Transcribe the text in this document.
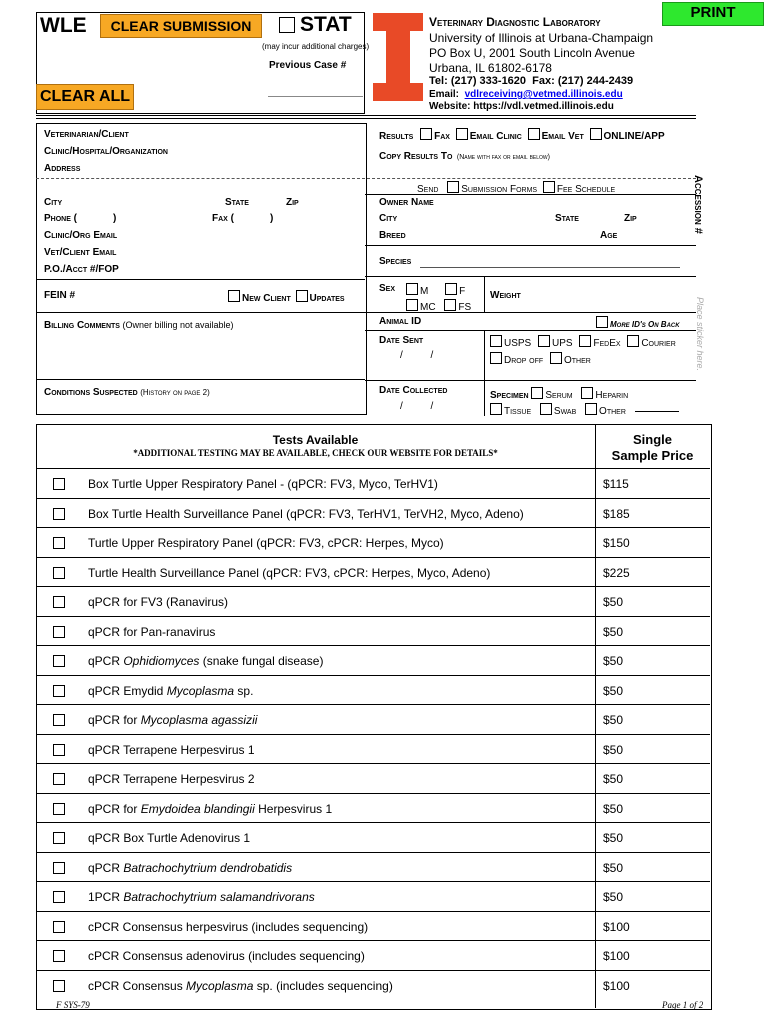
WLE	CLEAR SUBMISSION	STAT
(may incur additional charges)
Previous Case #
CLEAR ALL
PRINT
Veterinary Diagnostic Laboratory
University of Illinois at Urbana-Champaign
PO Box U, 2001 South Lincoln Avenue
Urbana, IL 61802-6178
Tel: (217) 333-1620 Fax: (217) 244-2439
Email: vdlreceiving@vetmed.illinois.edu
Website: https://vdl.vetmed.illinois.edu
Veterinarian/Client
Clinic/Hospital/Organization
Address
City	State	Zip
Phone (	)	Fax (	)
Clinic/Org Email
Vet/Client Email
P.O./Acct #/FOP
FEIN #	New Client Updates
Billing Comments (Owner billing not available)
Conditions Suspected (History on page 2)
Results Fax Email Clinic Email Vet ONLINE/APP
Copy Results To (Name with fax or email below)
Send Submission Forms Fee Schedule
Owner Name
City	State	Zip
Breed	Age
Species
Sex	M	F
MC FS
Weight
Animal ID	More ID's On Back
Date Sent
/          /
USPS UPS FedEx Courier
Drop off Other
Date Collected
/          /
Specimen Serum Heparin
Tissue Swab Other
Accession #
Place sticker here.
Tests Available
*ADDITIONAL TESTING MAY BE AVAILABLE, CHECK OUR WEBSITE FOR DETAILS*
Single
Sample Price
Box Turtle Upper Respiratory Panel - (qPCR: FV3, Myco, TerHV1)	$115
Box Turtle Health Surveillance Panel (qPCR: FV3, TerHV1, TerVH2, Myco, Adeno)	$185
Turtle Upper Respiratory Panel (qPCR: FV3, cPCR: Herpes, Myco)	$150
Turtle Health Surveillance Panel (qPCR: FV3, cPCR: Herpes, Myco, Adeno)	$225
qPCR for FV3 (Ranavirus)	$50
qPCR for Pan-ranavirus	$50
qPCR Ophidiomyces (snake fungal disease)	$50
qPCR Emydid Mycoplasma sp.	$50
qPCR for Mycoplasma agassizii	$50
qPCR Terrapene Herpesvirus 1	$50
qPCR Terrapene Herpesvirus 2	$50
qPCR for Emydoidea blandingii Herpesvirus 1	$50
qPCR Box Turtle Adenovirus 1	$50
qPCR Batrachochytrium dendrobatidis	$50
1PCR Batrachochytrium salamandrivorans	$50
cPCR Consensus herpesvirus (includes sequencing)	$100
cPCR Consensus adenovirus (includes sequencing)	$100
cPCR Consensus Mycoplasma sp. (includes sequencing)	$100
F SYS-79	Page 1 of 2
